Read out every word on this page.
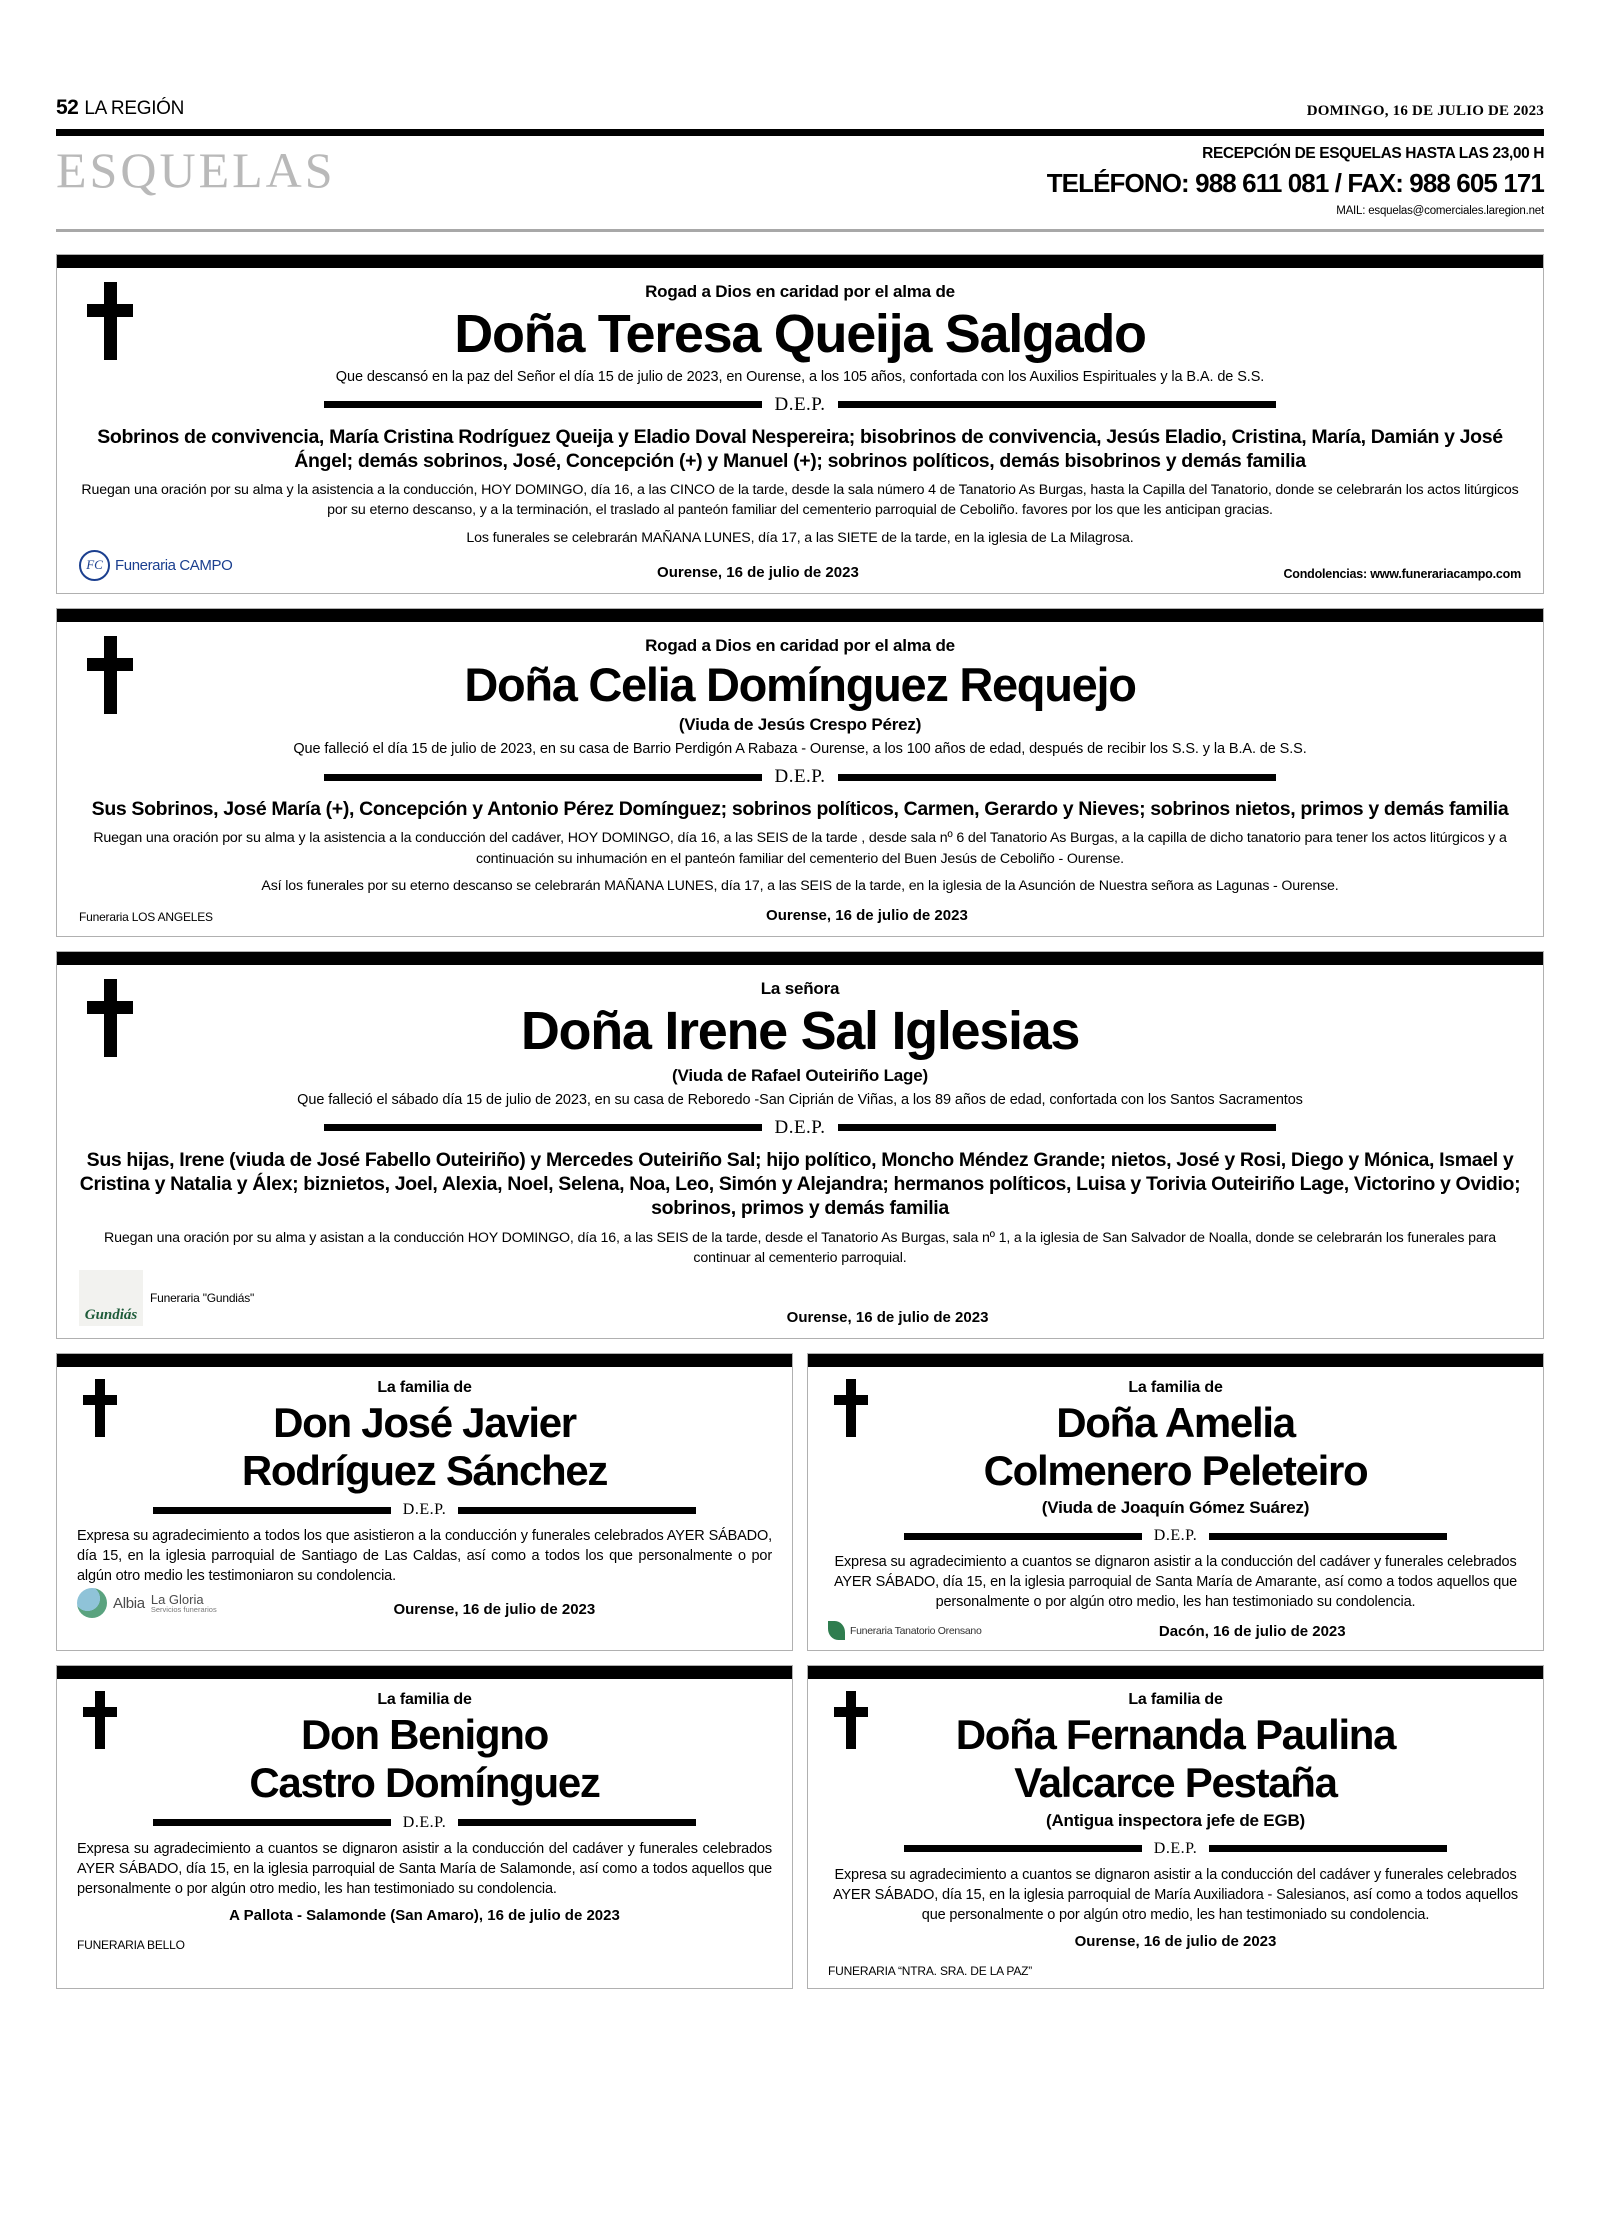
52 LA REGIÓN	DOMINGO, 16 DE JULIO DE 2023
ESQUELAS	RECEPCIÓN DE ESQUELAS HASTA LAS 23,00 H
TELÉFONO: 988 611 081 / FAX: 988 605 171
MAIL: esquelas@comerciales.laregion.net
Rogad a Dios en caridad por el alma de
Doña Teresa Queija Salgado
Que descansó en la paz del Señor el día 15 de julio de 2023, en Ourense, a los 105 años, confortada con los Auxilios Espirituales y la B.A. de S.S.
D.E.P.
Sobrinos de convivencia, María Cristina Rodríguez Queija y Eladio Doval Nespereira; bisobrinos de convivencia, Jesús Eladio, Cristina, María, Damián y José Ángel; demás sobrinos, José, Concepción (+) y Manuel (+); sobrinos políticos, demás bisobrinos y demás familia
Ruegan una oración por su alma y la asistencia a la conducción, HOY DOMINGO, día 16, a las CINCO de la tarde, desde la sala número 4 de Tanatorio As Burgas, hasta la Capilla del Tanatorio, donde se celebrarán los actos litúrgicos por su eterno descanso, y a la terminación, el traslado al panteón familiar del cementerio parroquial de Ceboliño. favores por los que les anticipan gracias.
Los funerales se celebrarán MAÑANA LUNES, día 17, a las SIETE de la tarde, en la iglesia de La Milagrosa.
FC Funeraria CAMPO	Ourense, 16 de julio de 2023	Condolencias: www.funerariacampo.com
Rogad a Dios en caridad por el alma de
Doña Celia Domínguez Requejo
(Viuda de Jesús Crespo Pérez)
Que falleció el día 15 de julio de 2023, en su casa de Barrio Perdigón A Rabaza - Ourense, a los 100 años de edad, después de recibir los S.S. y la B.A. de S.S.
D.E.P.
Sus Sobrinos, José María (+), Concepción y Antonio Pérez Domínguez; sobrinos políticos, Carmen, Gerardo y Nieves; sobrinos nietos, primos y demás familia
Ruegan una oración por su alma y la asistencia a la conducción del cadáver, HOY DOMINGO, día 16, a las SEIS de la tarde , desde sala nº 6 del Tanatorio As Burgas, a la capilla de dicho tanatorio para tener los actos litúrgicos y a continuación su inhumación en el panteón familiar del cementerio del Buen Jesús de Ceboliño - Ourense.
Así los funerales por su eterno descanso se celebrarán MAÑANA LUNES, día 17, a las SEIS de la tarde, en la iglesia de la Asunción de Nuestra señora as Lagunas - Ourense.
Funeraria LOS ANGELES	Ourense, 16 de julio de 2023
La señora
Doña Irene Sal Iglesias
(Viuda de Rafael Outeiriño Lage)
Que falleció el sábado día 15 de julio de 2023, en su casa de Reboredo -San Ciprián de Viñas, a los 89 años de edad, confortada con los Santos Sacramentos
D.E.P.
Sus hijas, Irene (viuda de José Fabello Outeiriño) y Mercedes Outeiriño Sal; hijo político, Moncho Méndez Grande; nietos, José y Rosi, Diego y Mónica, Ismael y Cristina y Natalia y Álex; biznietos, Joel, Alexia, Noel, Selena, Noa, Leo, Simón y Alejandra; hermanos políticos, Luisa y Torivia Outeiriño Lage, Victorino y Ovidio; sobrinos, primos y demás familia
Ruegan una oración por su alma y asistan a la conducción HOY DOMINGO, día 16, a las SEIS de la tarde, desde el Tanatorio As Burgas, sala nº 1, a la iglesia de San Salvador de Noalla, donde se celebrarán los funerales para continuar al cementerio parroquial.
Gundiás
Funeraria "Gundiás"
Ourense, 16 de julio de 2023
La familia de
Don José Javier
Rodríguez Sánchez
D.E.P.
Expresa su agradecimiento a todos los que asistieron a la conducción y funerales celebrados AYER SÁBADO, día 15, en la iglesia parroquial de Santiago de Las Caldas, así como a todos los que personalmente o por algún otro medio les testimoniaron su condolencia.
Albia La Gloria
Servicios funerarios	Ourense, 16 de julio de 2023
La familia de
Doña Amelia
Colmenero Peleteiro
(Viuda de Joaquín Gómez Suárez)
D.E.P.
Expresa su agradecimiento a cuantos se dignaron asistir a la conducción del cadáver y funerales celebrados AYER SÁBADO, día 15, en la iglesia parroquial de Santa María de Amarante, así como a todos aquellos que personalmente o por algún otro medio, les han testimoniado su condolencia.
Funeraria Tanatorio Orensano	Dacón, 16 de julio de 2023
La familia de
Don Benigno
Castro Domínguez
D.E.P.
Expresa su agradecimiento a cuantos se dignaron asistir a la conducción del cadáver y funerales celebrados AYER SÁBADO, día 15, en la iglesia parroquial de Santa María de Salamonde, así como a todos aquellos que personalmente o por algún otro medio, les han testimoniado su condolencia.
A Pallota - Salamonde (San Amaro), 16 de julio de 2023
FUNERARIA BELLO
La familia de
Doña Fernanda Paulina
Valcarce Pestaña
(Antigua inspectora jefe de EGB)
D.E.P.
Expresa su agradecimiento a cuantos se dignaron asistir a la conducción del cadáver y funerales celebrados AYER SÁBADO, día 15, en la iglesia parroquial de María Auxiliadora - Salesianos, así como a todos aquellos que personalmente o por algún otro medio, les han testimoniado su condolencia.
Ourense, 16 de julio de 2023
FUNERARIA “NTRA. SRA. DE LA PAZ”
